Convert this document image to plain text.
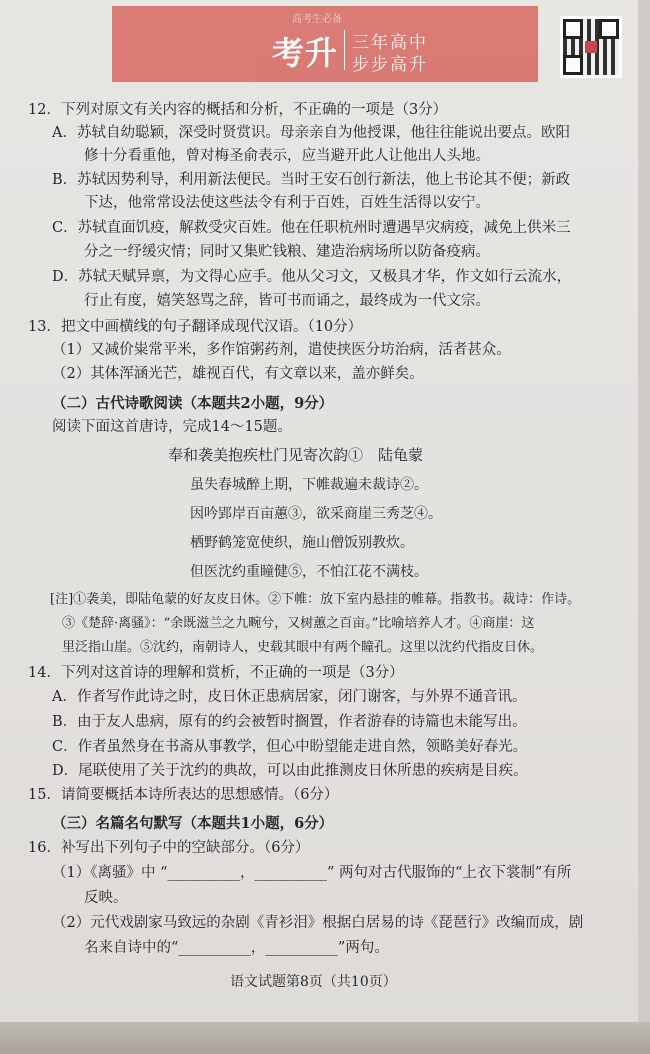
高考生必备
考升 三年高中
步步高升
12．下列对原文有关内容的概括和分析，不正确的一项是（3分）
A．苏轼自幼聪颖，深受时贤赏识。母亲亲自为他授课，他往往能说出要点。欧阳
修十分看重他，曾对梅圣俞表示，应当避开此人让他出人头地。
B．苏轼因势利导，利用新法便民。当时王安石创行新法，他上书论其不便；新政
下达，他常常设法使这些法令有利于百姓，百姓生活得以安宁。
C．苏轼直面饥疫，解救受灾百姓。他在任职杭州时遭遇旱灾病疫，减免上供米三
分之一纾缓灾情；同时又集贮钱粮、建造治病场所以防备疫病。
D．苏轼天赋异禀，为文得心应手。他从父习文，又极具才华，作文如行云流水，
行止有度，嬉笑怒骂之辞，皆可书而诵之，最终成为一代文宗。
13．把文中画横线的句子翻译成现代汉语。（10分）
（1）又减价粜常平米，多作馆粥药剂，遣使挟医分坊治病，活者甚众。
（2）其体浑涵光芒，雄视百代，有文章以来，盖亦鲜矣。
（二）古代诗歌阅读（本题共2小题，9分）
阅读下面这首唐诗，完成14～15题。
奉和袭美抱疾杜门见寄次韵①　陆龟蒙
虽失春城醉上期，下帷裁遍未裁诗②。
因吟郢岸百亩蕙③，欲采商崖三秀芝④。
栖野鹤笼宽使织，施山僧饭别教炊。
但医沈约重瞳健⑤，不怕江花不满枝。
[注]①袭美，即陆龟蒙的好友皮日休。②下帷：放下室内悬挂的帷幕。指教书。裁诗：作诗。
③《楚辞·离骚》：“余既滋兰之九畹兮，又树蕙之百亩。”比喻培养人才。④商崖：这
里泛指山崖。⑤沈约，南朝诗人，史载其眼中有两个瞳孔。这里以沈约代指皮日休。
14．下列对这首诗的理解和赏析，不正确的一项是（3分）
A．作者写作此诗之时，皮日休正患病居家，闭门谢客，与外界不通音讯。
B．由于友人患病，原有的约会被暂时搁置，作者游春的诗篇也未能写出。
C．作者虽然身在书斋从事教学，但心中盼望能走进自然，领略美好春光。
D．尾联使用了关于沈约的典故，可以由此推测皮日休所患的疾病是目疾。
15．请简要概括本诗所表达的思想感情。（6分）
（三）名篇名句默写（本题共1小题，6分）
16．补写出下列句子中的空缺部分。（6分）
（1）《离骚》中 “__________，__________” 两句对古代服饰的“上衣下裳制”有所
反映。
（2）元代戏剧家马致远的杂剧《青衫泪》根据白居易的诗《琵琶行》改编而成，剧
名来自诗中的“__________，__________”两句。
语文试题第8页（共10页）
